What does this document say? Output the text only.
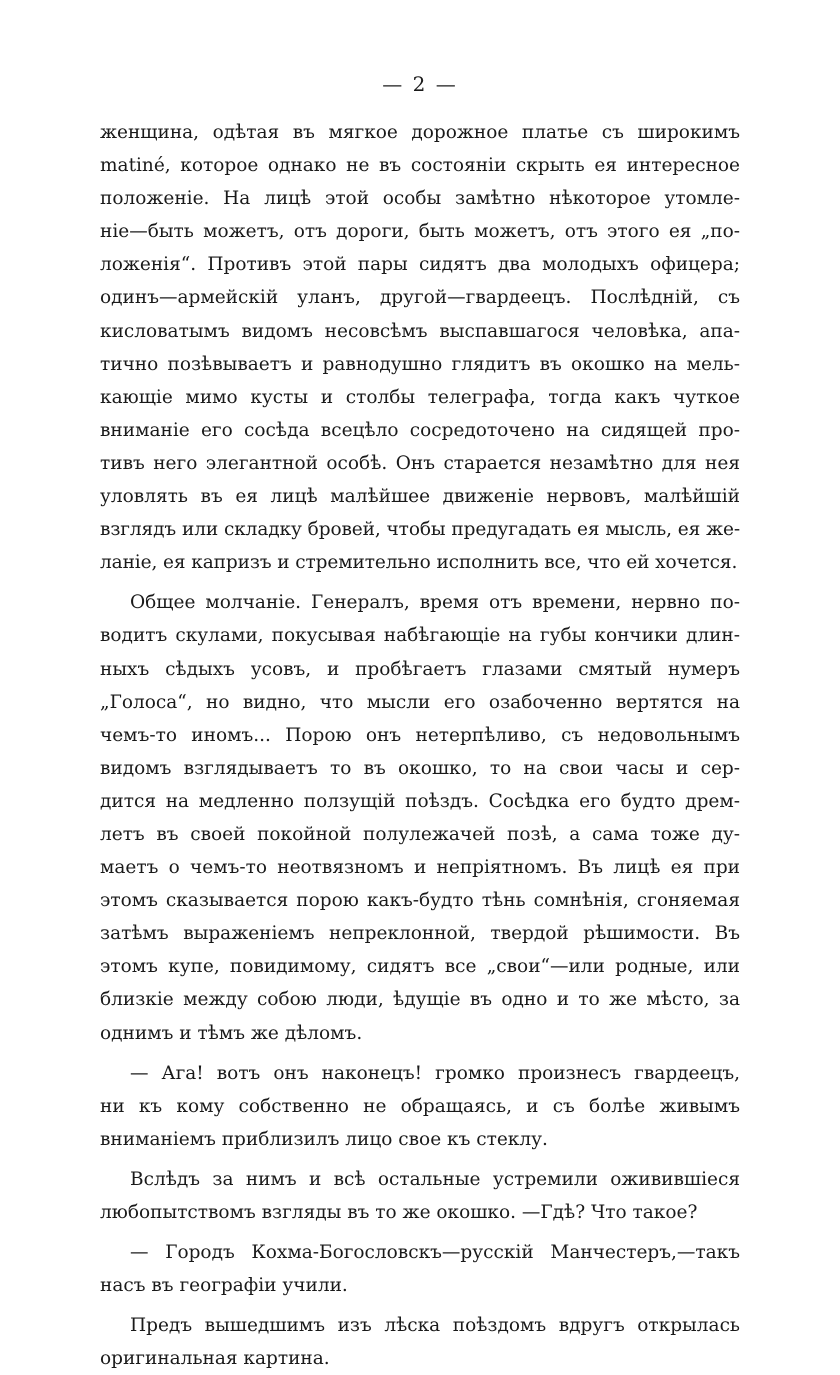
— 2 —
женщина, одѣтая въ мягкое дорожное платье съ широкимъ
matiné, которое однако не въ состояніи скрыть ея интересное
положеніе. На лицѣ этой особы замѣтно нѣкоторое утомле-
ніе—быть можетъ, отъ дороги, быть можетъ, отъ этого ея „по-
ложенія“. Противъ этой пары сидятъ два молодыхъ офицера;
одинъ—армейскій уланъ, другой—гвардеецъ. Послѣдній, съ
кисловатымъ видомъ несовсѣмъ выспавшагося человѣка, апа-
тично позѣвываетъ и равнодушно глядитъ въ окошко на мель-
кающіе мимо кусты и столбы телеграфа, тогда какъ чуткое
вниманіе его сосѣда всецѣло сосредоточено на сидящей про-
тивъ него элегантной особѣ. Онъ старается незамѣтно для нея
уловлять въ ея лицѣ малѣйшее движеніе нервовъ, малѣйшій
взглядъ или складку бровей, чтобы предугадать ея мысль, ея же-
ланіе, ея капризъ и стремительно исполнить все, что ей хочется.
Общее молчаніе. Генералъ, время отъ времени, нервно по-
водитъ скулами, покусывая набѣгающіе на губы кончики длин-
ныхъ сѣдыхъ усовъ, и пробѣгаетъ глазами смятый нумеръ
„Голоса“, но видно, что мысли его озабоченно вертятся на
чемъ-то иномъ... Порою онъ нетерпѣливо, съ недовольнымъ
видомъ взглядываетъ то въ окошко, то на свои часы и сер-
дится на медленно ползущій поѣздъ. Сосѣдка его будто дрем-
летъ въ своей покойной полулежачей позѣ, а сама тоже ду-
маетъ о чемъ-то неотвязномъ и непріятномъ. Въ лицѣ ея при
этомъ сказывается порою какъ-будто тѣнь сомнѣнія, сгоняемая
затѣмъ выраженіемъ непреклонной, твердой рѣшимости. Въ
этомъ купе, повидимому, сидятъ все „свои“—или родные, или
близкіе между собою люди, ѣдущіе въ одно и то же мѣсто, за
однимъ и тѣмъ же дѣломъ.
— Ага! вотъ онъ наконецъ! громко произнесъ гвардеецъ,
ни къ кому собственно не обращаясь, и съ болѣе живымъ
вниманіемъ приблизилъ лицо свое къ стеклу.
Вслѣдъ за нимъ и всѣ остальные устремили оживившіеся
любопытствомъ взгляды въ то же окошко. —Гдѣ? Что такое?
— Городъ Кохма-Богословскъ—русскій Манчестеръ,—такъ
насъ въ географіи учили.
Предъ вышедшимъ изъ лѣска поѣздомъ вдругъ открылась
оригинальная картина.
